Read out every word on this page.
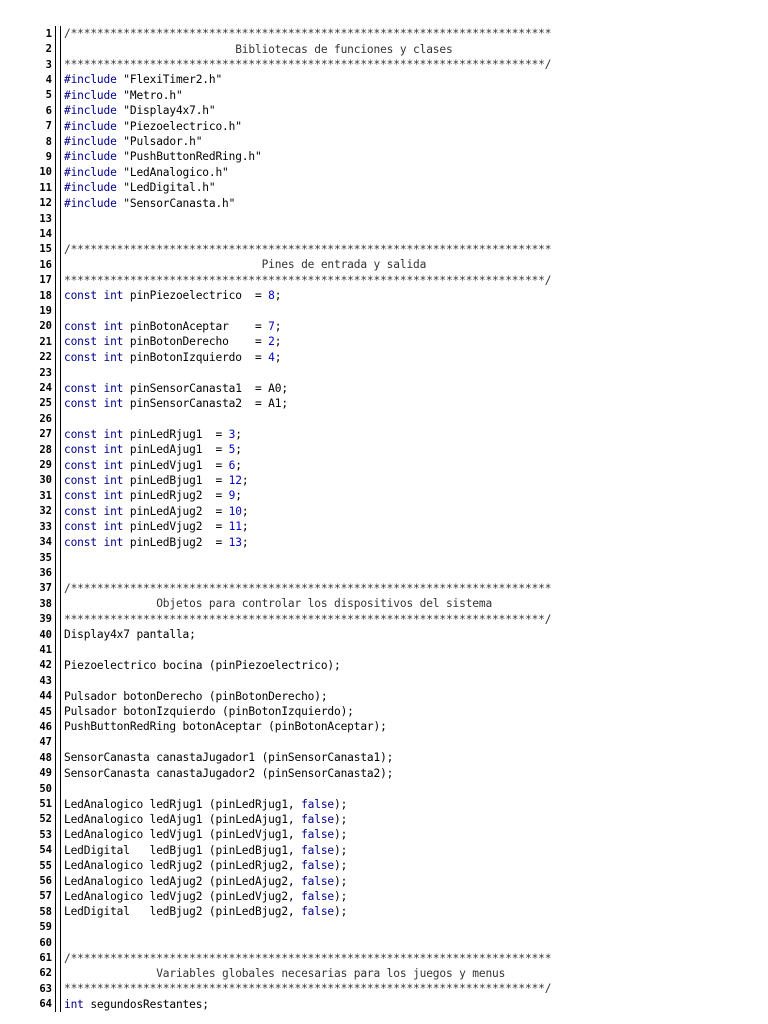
1 /*************************************************************************
2 Bibliotecas de funciones y clases
3 *************************************************************************/
4 #include "FlexiTimer2.h"
5 #include "Metro.h"
6 #include "Display4x7.h"
7 #include "Piezoelectrico.h"
8 #include "Pulsador.h"
9 #include "PushButtonRedRing.h"
10 #include "LedAnalogico.h"
11 #include "LedDigital.h"
12 #include "SensorCanasta.h"
13
14
15 /*************************************************************************
16 Pines de entrada y salida
17 *************************************************************************/
18 const int pinPiezoelectrico  = 8;
19
20 const int pinBotonAceptar    = 7;
21 const int pinBotonDerecho    = 2;
22 const int pinBotonIzquierdo  = 4;
23
24 const int pinSensorCanasta1  = A0;
25 const int pinSensorCanasta2  = A1;
26
27 const int pinLedRjug1  = 3;
28 const int pinLedAjug1  = 5;
29 const int pinLedVjug1  = 6;
30 const int pinLedBjug1  = 12;
31 const int pinLedRjug2  = 9;
32 const int pinLedAjug2  = 10;
33 const int pinLedVjug2  = 11;
34 const int pinLedBjug2  = 13;
35
36
37 /*************************************************************************
38 Objetos para controlar los dispositivos del sistema
39 *************************************************************************/
40 Display4x7 pantalla;
41
42 Piezoelectrico bocina (pinPiezoelectrico);
43
44 Pulsador botonDerecho (pinBotonDerecho);
45 Pulsador botonIzquierdo (pinBotonIzquierdo);
46 PushButtonRedRing botonAceptar (pinBotonAceptar);
47
48 SensorCanasta canastaJugador1 (pinSensorCanasta1);
49 SensorCanasta canastaJugador2 (pinSensorCanasta2);
50
51 LedAnalogico ledRjug1 (pinLedRjug1, false);
52 LedAnalogico ledAjug1 (pinLedAjug1, false);
53 LedAnalogico ledVjug1 (pinLedVjug1, false);
54 LedDigital   ledBjug1 (pinLedBjug1, false);
55 LedAnalogico ledRjug2 (pinLedRjug2, false);
56 LedAnalogico ledAjug2 (pinLedAjug2, false);
57 LedAnalogico ledVjug2 (pinLedVjug2, false);
58 LedDigital   ledBjug2 (pinLedBjug2, false);
59
60
61 /*************************************************************************
62 Variables globales necesarias para los juegos y menus
63 *************************************************************************/
64 int segundosRestantes;
